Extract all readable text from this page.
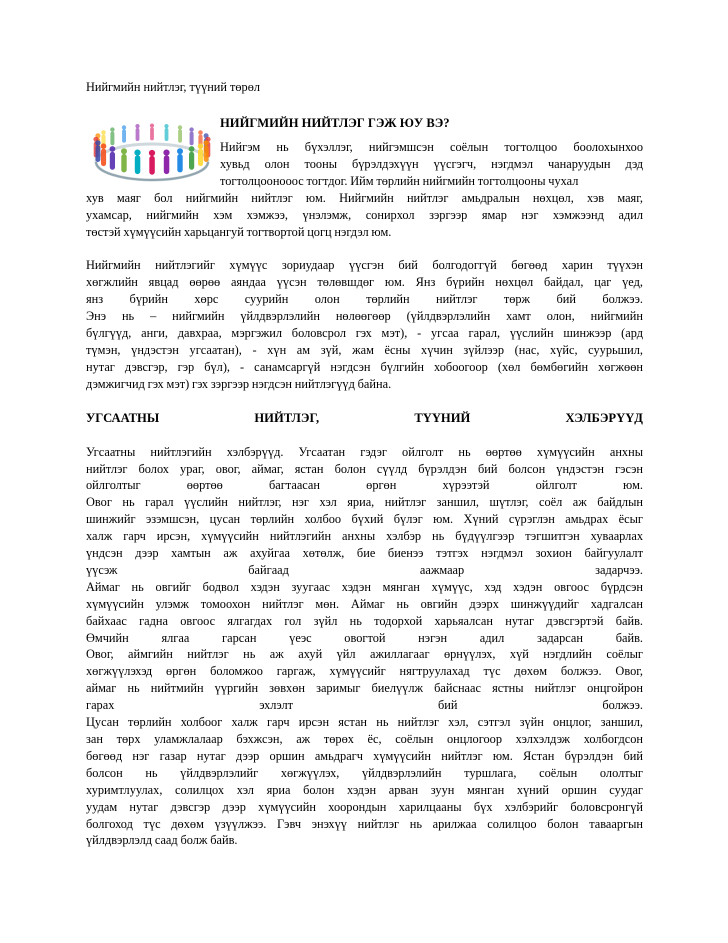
Нийгмийн нийтлэг, түүний төрөл
НИЙГМИЙН НИЙТЛЭГ ГЭЖ ЮУ ВЭ?

Нийгэм нь бүхэллэг, нийгэмшсэн соёлын тогтолцоо боолохынхоо

хувьд олон тооны бүрэлдэхүүн үүсгэгч, нэгдмэл чанаруудын дэд

тогтолцоонооос тогтдог. Ийм төрлийн нийгмийн тогтолцооны чухал

хув маяг бол нийгмийн нийтлэг юм. Нийгмийн нийтлэг амьдралын нөхцөл, хэв маяг,

ухамсар, нийгмийн хэм хэмжээ, үнэлэмж, сонирхол зэргээр ямар нэг хэмжээнд адил

төстэй хүмүүсийн харьцангуй тогтвортой цогц нэгдэл юм.

Нийгмийн нийтлэгийг хүмүүс зориудаар үүсгэн бий болгодоггүй бөгөөд харин түүхэн

хөгжлийн явцад өөрөө аяндаа үүсэн төлөвшдөг юм. Янз бүрийн нөхцөл байдал, цаг үед,

янз бүрийн хөрс суурийн олон төрлийн нийтлэг төрж бий болжээ.

Энэ нь – нийгмийн үйлдвэрлэлийн нөлөөгөөр (үйлдвэрлэлийн хамт олон, нийгмийн

бүлгүүд, анги, давхраа, мэргэжил боловсрол гэх мэт), - угсаа гарал, үүслийн шинжээр (ард

түмэн, үндэстэн угсаатан), - хүн ам зүй, жам ёсны хүчин зүйлээр (нас, хүйс, суурьшил,

нутаг дэвсгэр, гэр бүл), - санамсаргүй нэгдсэн бүлгийн хобоогоор (хөл бөмбөгийн хөгжөөн

дэмжигчид гэх мэт) гэх зэргээр нэгдсэн нийтлэгүүд байна.

УГСААТНЫ	НИЙТЛЭГ,	ТҮҮНИЙ	ХЭЛБЭРҮҮД

Угсаатны нийтлэгийн хэлбэрүүд. Угсаатан гэдэг ойлголт нь өөртөө хүмүүсийн анхны

нийтлэг болох ураг, овог, аймаг, ястан болон сүүлд бүрэлдэн бий болсон үндэстэн гэсэн

ойлголтыг өөртөө багтаасан өргөн хүрээтэй ойлголт юм.

Овог нь гарал үүслийн нийтлэг, нэг хэл яриа, нийтлэг заншил, шүтлэг, соёл аж байдлын

шинжийг эзэмшсэн, цусан төрлийн холбоо бүхий бүлэг юм. Хүний сүрэглэн амьдрах ёсыг

халж гарч ирсэн, хүмүүсийн нийтлэгийн анхны хэлбэр нь бүдүүлгээр тэгшитгэн хуваарлах

үндсэн дээр хамтын аж ахуйгаа хөтөлж, бие биенээ тэтгэх нэгдмэл зохион байгуулалт

үүсэж байгаад аажмаар задарчээ.

Аймаг нь овгийг бодвол хэдэн зуугаас хэдэн мянган хүмүүс, хэд хэдэн овгоос бүрдсэн

хүмүүсийн улэмж томоохон нийтлэг мөн. Аймаг нь овгийн дээрх шинжүүдийг хадгалсан

байхаас гадна овгоос ялгагдах гол зүйл нь тодорхой харьяалсан нутаг дэвсгэртэй байв.

Өмчийн ялгаа гарсан үеэс овогтой нэгэн адил задарсан байв.

Овог, аймгийн нийтлэг нь аж ахуй үйл ажиллагааг өрнүүлэх, хүй нэгдлийн соёлыг

хөгжүүлэхэд өргөн боломжоо гаргаж, хүмүүсийг нягтруулахад түс дөхөм болжээ. Овог,

аймаг нь нийтмийн үүргийн зөвхөн заримыг биелүүлж байснаас ястны нийтлэг онцгойрон

гарах эхлэлт бий болжээ.

Цусан төрлийн холбоог халж гарч ирсэн ястан нь нийтлэг хэл, сэтгэл зүйн онцлог, заншил,

зан төрх уламжлалаар бэхжсэн, аж төрөх ёс, соёлын онцлогоор хэлхэлдэж холбогдсон

бөгөөд нэг газар нутаг дээр оршин амьдрагч хүмүүсийн нийтлэг юм. Ястан бүрэлдэн бий

болсон нь үйлдвэрлэлийг хөгжүүлэх, үйлдвэрлэлийн туршлага, соёлын ололтыг

хуримтлуулах, солилцох хэл яриа болон хэдэн арван зуун мянган хүний оршин суудаг

уудам нутаг дэвсгэр дээр хүмүүсийн хоорондын харилцааны бүх хэлбэрийг боловсронгүй

болгоход түс дөхөм үзүүлжээ. Гэвч энэхүү нийтлэг нь арилжаа солилцоо болон тавааргын

үйлдвэрлэлд саад болж байв.
